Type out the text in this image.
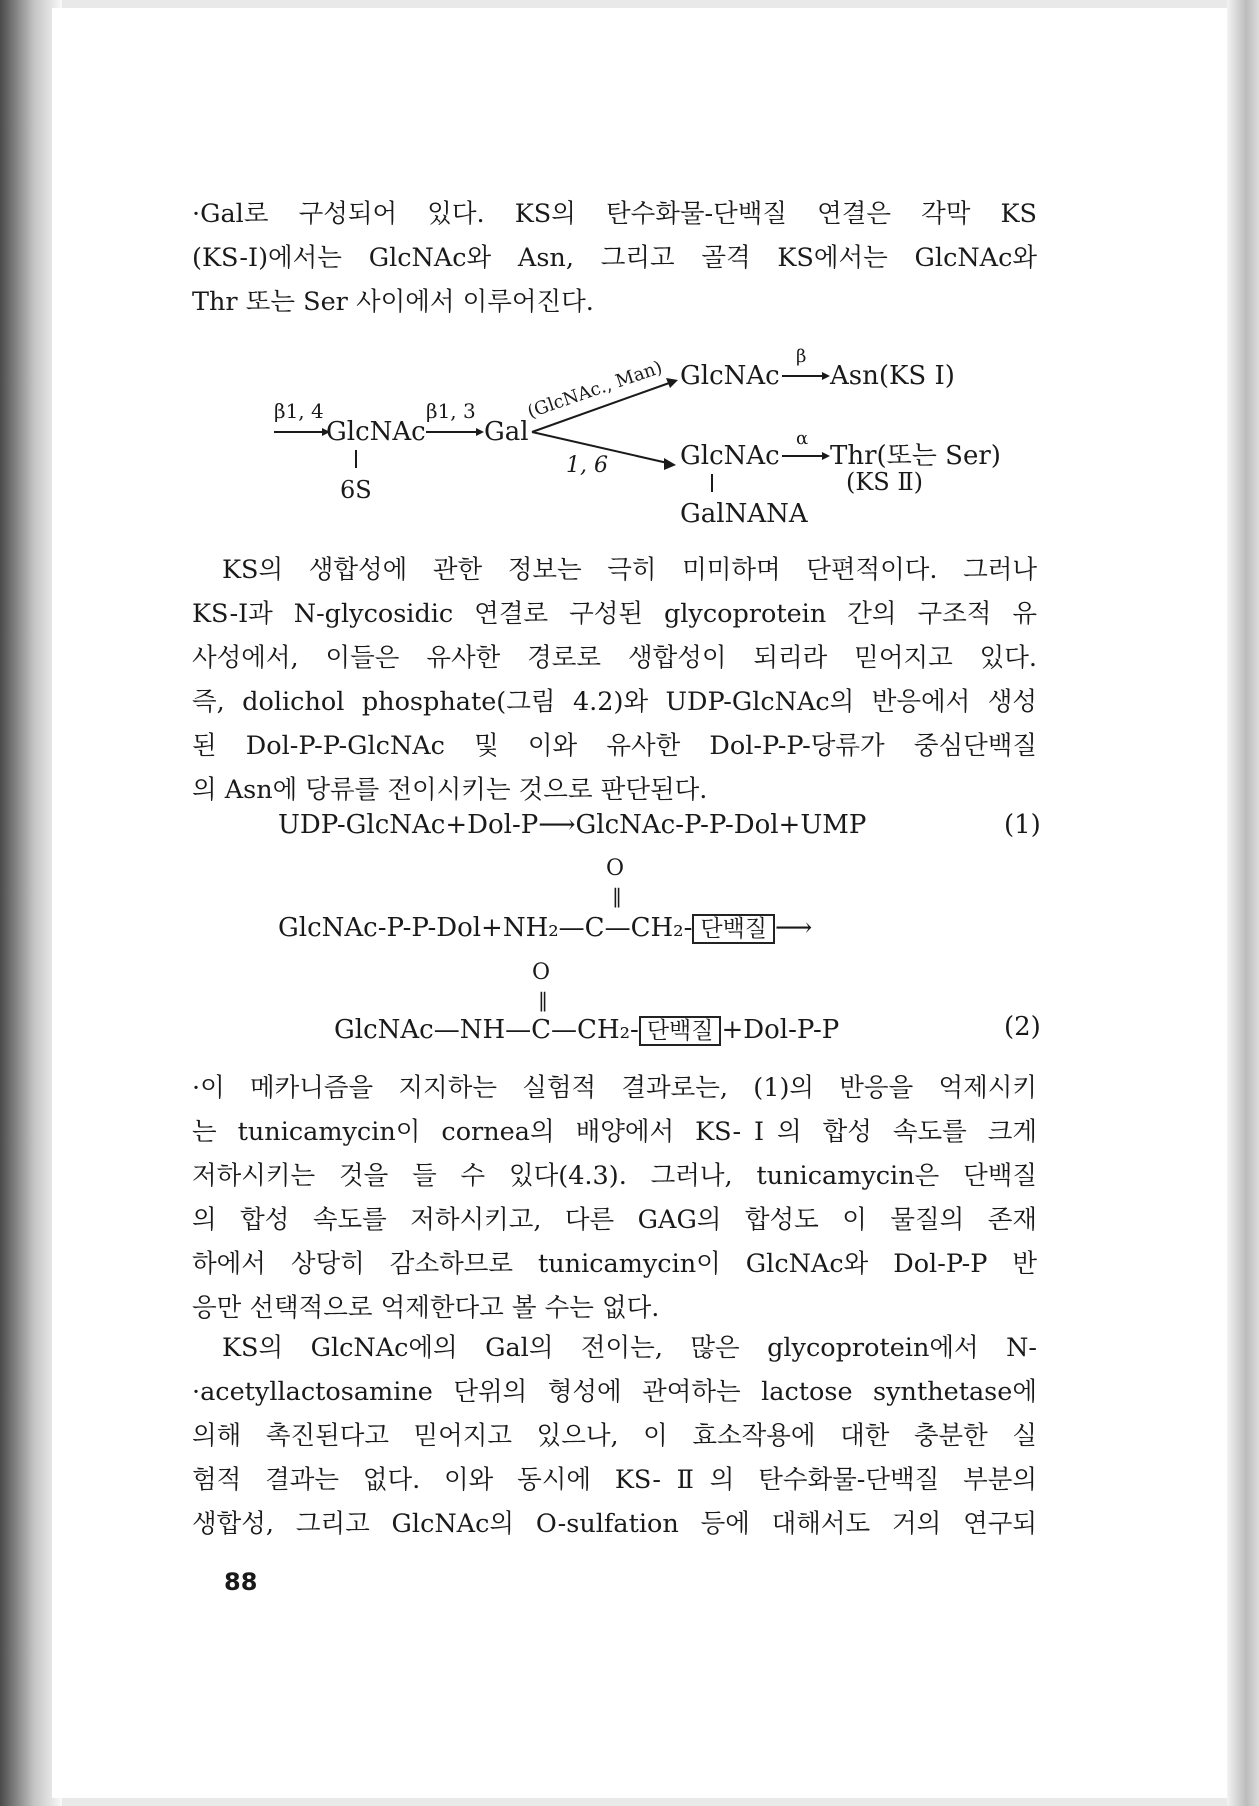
·Gal로 구성되어 있다. KS의 탄수화물-단백질 연결은 각막 KS

(KS-I)에서는 GlcNAc와 Asn, 그리고 골격 KS에서는 GlcNAc와

Thr 또는 Ser 사이에서 이루어진다.

β1, 4
GlcNAc
β1, 3
Gal
6S
(GlcNAc., Man)
1, 6
GlcNAc
β
Asn(KS Ⅰ)
GlcNAc
α
Thr(또는 Ser)
(KS Ⅱ)
GalNANA

KS의 생합성에 관한 정보는 극히 미미하며 단편적이다. 그러나

KS-I과 N-glycosidic 연결로 구성된 glycoprotein 간의 구조적 유

사성에서, 이들은 유사한 경로로 생합성이 되리라 믿어지고 있다.

즉, dolichol phosphate(그림 4.2)와 UDP-GlcNAc의 반응에서 생성

된 Dol-P-P-GlcNAc 및 이와 유사한 Dol-P-P-당류가 중심단백질

의 Asn에 당류를 전이시키는 것으로 판단된다.

UDP-GlcNAc+Dol-P⟶GlcNAc-P-P-Dol+UMP	(1)
O
‖
GlcNAc-P-P-Dol+NH₂—C—CH₂- 단백질 ⟶
O
‖
GlcNAc—NH—C—CH₂- 단백질 +Dol-P-P	(2)

·이 메카니즘을 지지하는 실험적 결과로는, (1)의 반응을 억제시키

는 tunicamycin이 cornea의 배양에서 KS-Ⅰ의 합성 속도를 크게

저하시키는 것을 들 수 있다(4.3). 그러나, tunicamycin은 단백질

의 합성 속도를 저하시키고, 다른 GAG의 합성도 이 물질의 존재

하에서 상당히 감소하므로 tunicamycin이 GlcNAc와 Dol-P-P 반

응만 선택적으로 억제한다고 볼 수는 없다.

KS의 GlcNAc에의 Gal의 전이는, 많은 glycoprotein에서 N-

·acetyllactosamine 단위의 형성에 관여하는 lactose synthetase에

의해 촉진된다고 믿어지고 있으나, 이 효소작용에 대한 충분한 실

험적 결과는 없다. 이와 동시에 KS-Ⅱ의 탄수화물-단백질 부분의

생합성, 그리고 GlcNAc의 O-sulfation 등에 대해서도 거의 연구되

88
